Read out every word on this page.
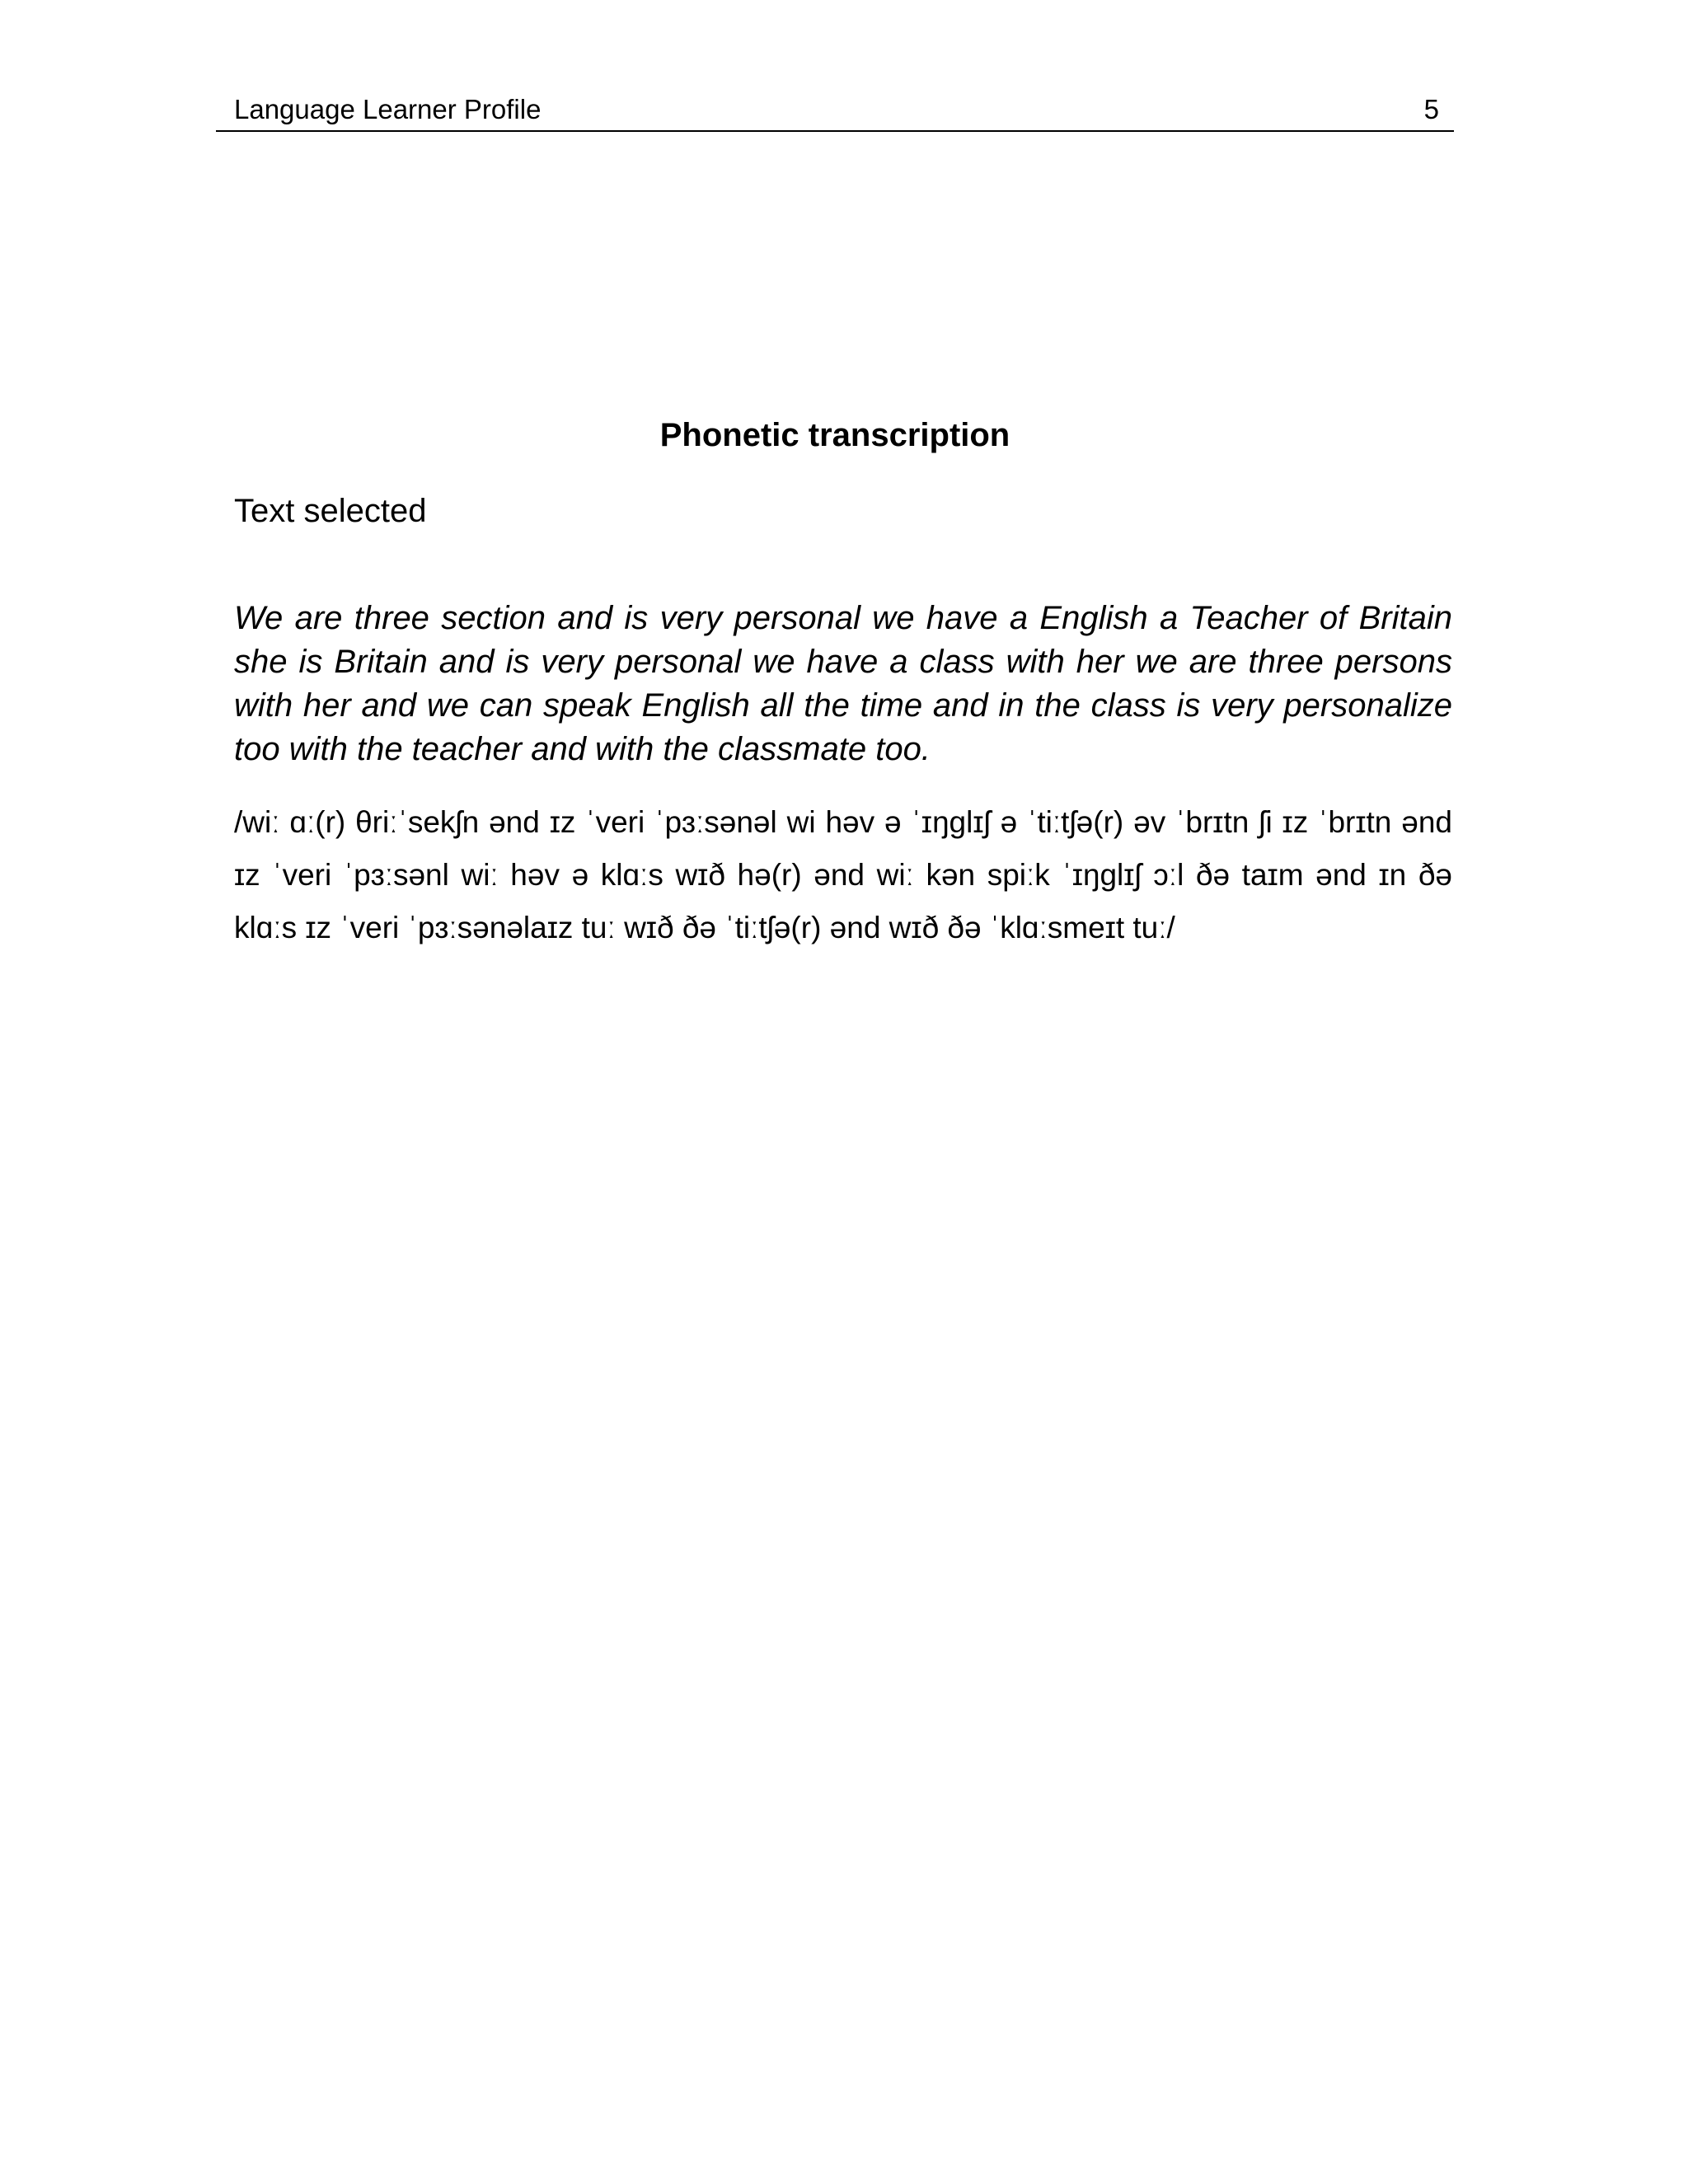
Language Learner Profile	5
Phonetic transcription

Text selected

We are three section and is very personal we have a English a Teacher of Britain she is Britain and is very personal we have a class with her we are three persons with her and we can speak English all the time and in the class is very personalize too with the teacher and with the classmate too.

/wiː ɑː(r) θriːˈsekʃn ənd ɪz ˈveri ˈpɜːsənəl wi həv ə ˈɪŋglɪʃ ə ˈtiːtʃə(r) əv ˈbrɪtn ʃi ɪz ˈbrɪtn ənd ɪz ˈveri ˈpɜːsənl wiː həv ə klɑːs wɪð hə(r) ənd wiː kən spiːk ˈɪŋglɪʃ ɔːl ðə taɪm ənd ɪn ðə klɑːs ɪz ˈveri ˈpɜːsənəlaɪz tuː wɪð ðə ˈtiːtʃə(r) ənd wɪð ðə ˈklɑːsmeɪt tuː/
